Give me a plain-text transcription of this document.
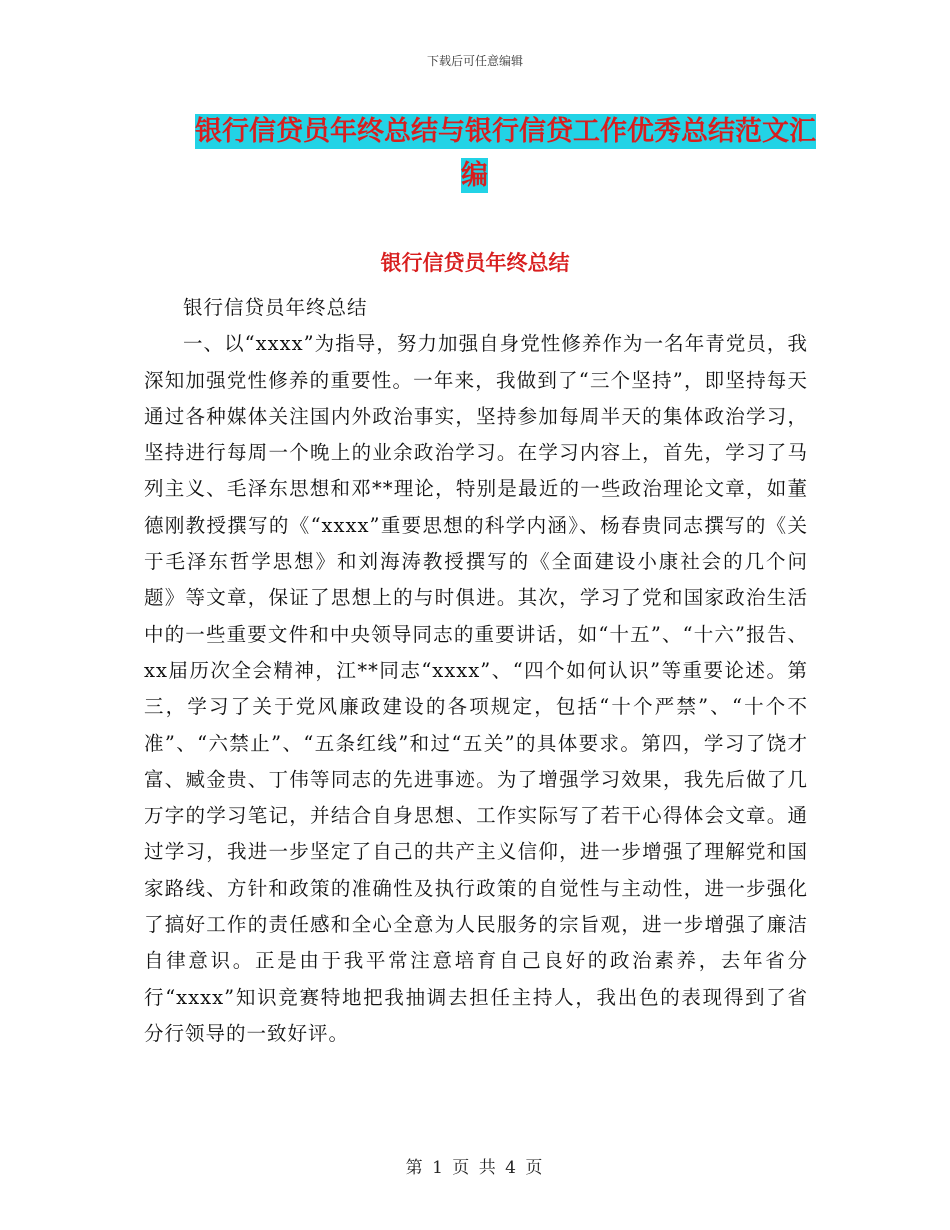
下载后可任意编辑
银行信贷员年终总结与银行信贷工作优秀总结范文汇
编
银行信贷员年终总结

银行信贷员年终总结

一、以“xxxx”为指导，努力加强自身党性修养作为一名年青党员，我深知加强党性修养的重要性。一年来，我做到了“三个坚持”，即坚持每天通过各种媒体关注国内外政治事实，坚持参加每周半天的集体政治学习，坚持进行每周一个晚上的业余政治学习。在学习内容上，首先，学习了马列主义、毛泽东思想和邓**理论，特别是最近的一些政治理论文章，如董德刚教授撰写的《“xxxx”重要思想的科学内涵》、杨春贵同志撰写的《关于毛泽东哲学思想》和刘海涛教授撰写的《全面建设小康社会的几个问题》等文章，保证了思想上的与时俱进。其次，学习了党和国家政治生活中的一些重要文件和中央领导同志的重要讲话，如“十五”、“十六”报告、xx届历次全会精神，江**同志“xxxx”、“四个如何认识”等重要论述。第三，学习了关于党风廉政建设的各项规定，包括“十个严禁”、“十个不准”、“六禁止”、“五条红线”和过“五关”的具体要求。第四，学习了饶才富、臧金贵、丁伟等同志的先进事迹。为了增强学习效果，我先后做了几万字的学习笔记，并结合自身思想、工作实际写了若干心得体会文章。通过学习，我进一步坚定了自己的共产主义信仰，进一步增强了理解党和国家路线、方针和政策的准确性及执行政策的自觉性与主动性，进一步强化了搞好工作的责任感和全心全意为人民服务的宗旨观，进一步增强了廉洁自律意识。正是由于我平常注意培育自己良好的政治素养，去年省分行“xxxx”知识竞赛特地把我抽调去担任主持人，我出色的表现得到了省分行领导的一致好评。

第 1 页 共 4 页
